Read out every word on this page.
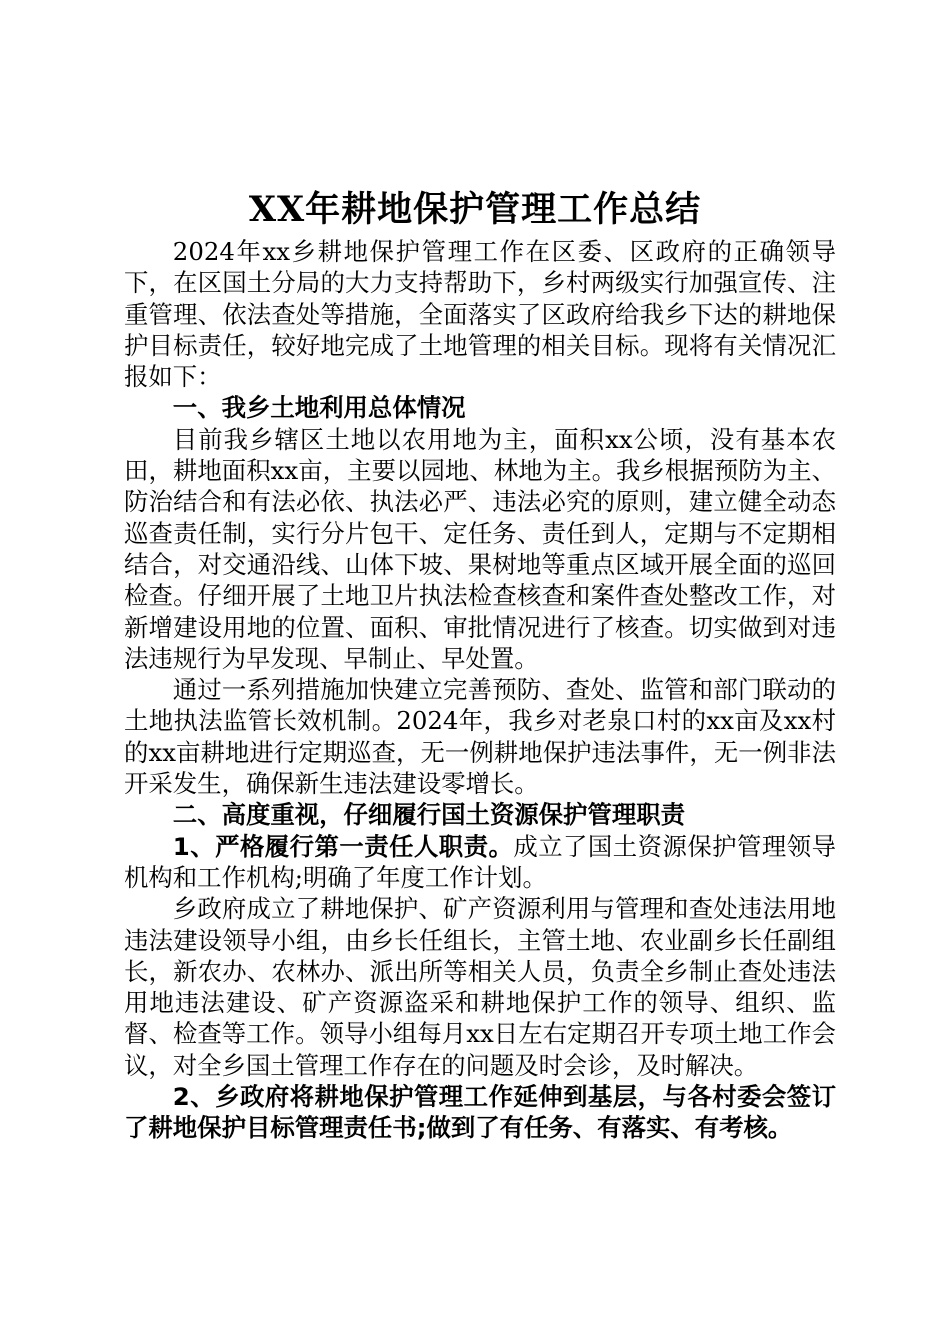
XX年耕地保护管理工作总结

2024年xx乡耕地保护管理工作在区委、区政府的正确领导下，在区国土分局的大力支持帮助下，乡村两级实行加强宣传、注重管理、依法查处等措施，全面落实了区政府给我乡下达的耕地保护目标责任，较好地完成了土地管理的相关目标。现将有关情况汇报如下：

一、我乡土地利用总体情况

目前我乡辖区土地以农用地为主，面积xx公顷，没有基本农田，耕地面积xx亩，主要以园地、林地为主。我乡根据预防为主、防治结合和有法必依、执法必严、违法必究的原则，建立健全动态巡查责任制，实行分片包干、定任务、责任到人，定期与不定期相结合，对交通沿线、山体下坡、果树地等重点区域开展全面的巡回检查。仔细开展了土地卫片执法检查核查和案件查处整改工作，对新增建设用地的位置、面积、审批情况进行了核查。切实做到对违法违规行为早发现、早制止、早处置。

通过一系列措施加快建立完善预防、查处、监管和部门联动的土地执法监管长效机制。2024年，我乡对老泉口村的xx亩及xx村的xx亩耕地进行定期巡查，无一例耕地保护违法事件，无一例非法开采发生，确保新生违法建设零增长。

二、高度重视，仔细履行国土资源保护管理职责

1、严格履行第一责任人职责。成立了国土资源保护管理领导机构和工作机构;明确了年度工作计划。

乡政府成立了耕地保护、矿产资源利用与管理和查处违法用地违法建设领导小组，由乡长任组长，主管土地、农业副乡长任副组长，新农办、农林办、派出所等相关人员，负责全乡制止查处违法用地违法建设、矿产资源盗采和耕地保护工作的领导、组织、监督、检查等工作。领导小组每月xx日左右定期召开专项土地工作会议，对全乡国土管理工作存在的问题及时会诊，及时解决。

2、乡政府将耕地保护管理工作延伸到基层，与各村委会签订了耕地保护目标管理责任书;做到了有任务、有落实、有考核。
